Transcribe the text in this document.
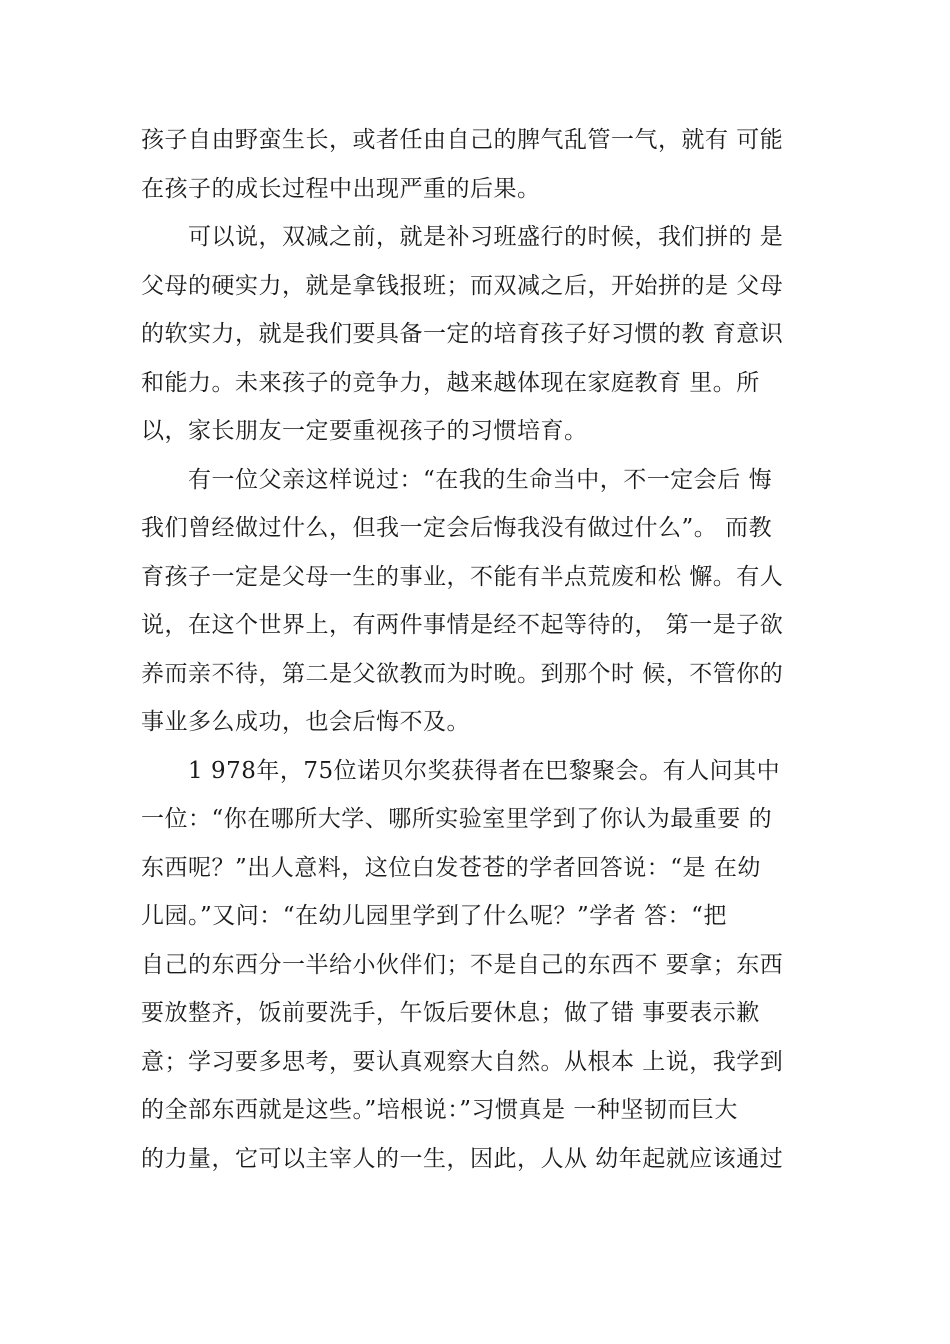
孩子自由野蛮生长，或者任由自己的脾气乱管一气，就有 可能
在孩子的成长过程中出现严重的后果。
可以说，双减之前，就是补习班盛行的时候，我们拼的 是
父母的硬实力，就是拿钱报班；而双减之后，开始拼的是 父母
的软实力，就是我们要具备一定的培育孩子好习惯的教 育意识
和能力。未来孩子的竞争力，越来越体现在家庭教育 里。所
以，家长朋友一定要重视孩子的习惯培育。
有一位父亲这样说过：“在我的生命当中，不一定会后 悔
我们曾经做过什么，但我一定会后悔我没有做过什么”。 而教
育孩子一定是父母一生的事业，不能有半点荒废和松 懈。有人
说，在这个世界上，有两件事情是经不起等待的， 第一是子欲
养而亲不待，第二是父欲教而为时晚。到那个时 候，不管你的
事业多么成功，也会后悔不及。
1 978年，75位诺贝尔奖获得者在巴黎聚会。有人问其中
一位：“你在哪所大学、哪所实验室里学到了你认为最重要 的
东西呢？”出人意料，这位白发苍苍的学者回答说：“是 在幼
儿园。”又问：“在幼儿园里学到了什么呢？”学者 答：“把
自己的东西分一半给小伙伴们；不是自己的东西不 要拿；东西
要放整齐，饭前要洗手，午饭后要休息；做了错 事要表示歉
意；学习要多思考，要认真观察大自然。从根本 上说，我学到
的全部东西就是这些。”培根说：”习惯真是 一种坚韧而巨大
的力量，它可以主宰人的一生，因此，人从 幼年起就应该通过
